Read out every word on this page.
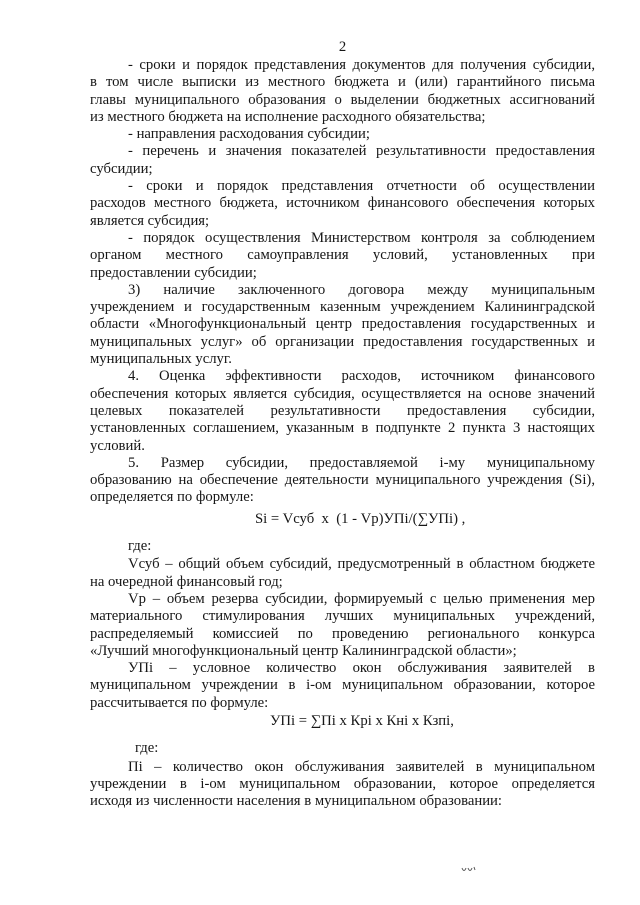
2
- сроки и порядок представления документов для получения субсидии,
в том числе выписки из местного бюджета и (или) гарантийного письма
главы муниципального образования о выделении бюджетных ассигнований
из местного бюджета на исполнение расходного обязательства;
- направления расходования субсидии;
- перечень и значения показателей результативности предоставления
субсидии;
- сроки и порядок представления отчетности об осуществлении
расходов местного бюджета, источником финансового обеспечения которых
является субсидия;
- порядок осуществления Министерством контроля за соблюдением
органом местного самоуправления условий, установленных при
предоставлении субсидии;
3) наличие заключенного договора между муниципальным
учреждением и государственным казенным учреждением Калининградской
области «Многофункциональный центр предоставления государственных и
муниципальных услуг» об организации предоставления государственных и
муниципальных услуг.
4. Оценка эффективности расходов, источником финансового
обеспечения которых является субсидия, осуществляется на основе значений
целевых показателей результативности предоставления субсидии,
установленных соглашением, указанным в подпункте 2 пункта 3 настоящих
условий.
5. Размер субсидии, предоставляемой i-му муниципальному
образованию на обеспечение деятельности муниципального учреждения (Si),
определяется по формуле:
Si = Vсуб  х  (1 - Vр)УПi/(∑УПi) ,
где:
Vсуб – общий объем субсидий, предусмотренный в областном бюджете
на очередной финансовый год;
Vр – объем резерва субсидии, формируемый с целью применения мер
материального стимулирования лучших муниципальных учреждений,
распределяемый комиссией по проведению регионального конкурса
«Лучший многофункциональный центр Калининградской области»;
УПi – условное количество окон обслуживания заявителей в
муниципальном учреждении в i-ом муниципальном образовании, которое
рассчитывается по формуле:
УПi = ∑Пi х Крi х Кнi х Кзпi,
где:
Пi – количество окон обслуживания заявителей в муниципальном
учреждении в i-ом муниципальном образовании, которое определяется
исходя из численности населения в муниципальном образовании:
